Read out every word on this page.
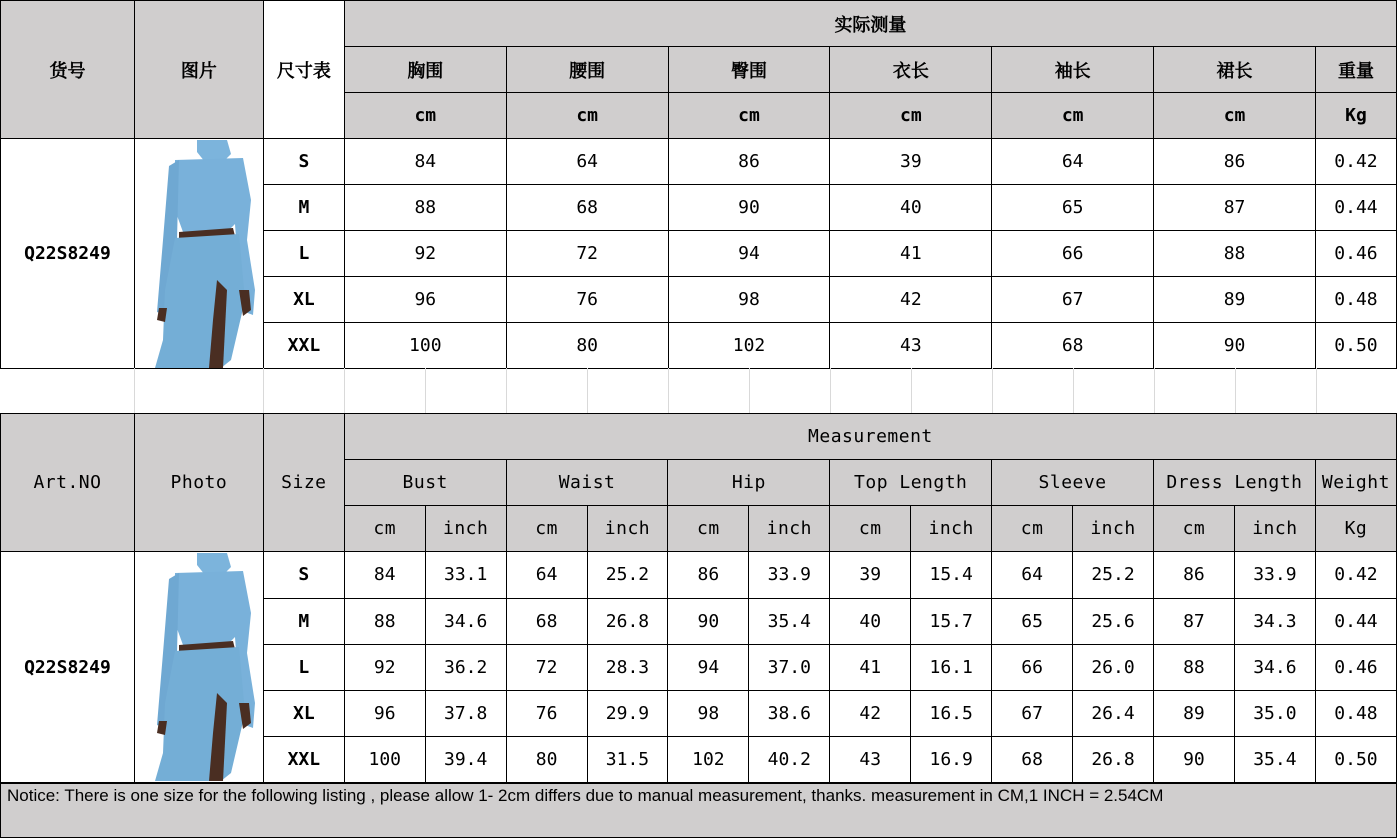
货号	图片	尺寸表	实际测量						
			胸围	腰围	臀围	衣长	袖长	裙长	重量
			cm	cm	cm	cm	cm	cm	Kg
Q22S8249		S	84	64	86	39	64	86	0.42
		M	88	68	90	40	65	87	0.44
		L	92	72	94	41	66	88	0.46
		XL	96	76	98	42	67	89	0.48
		XXL	100	80	102	43	68	90	0.50
Art.NO	Photo	Size	Measurement												
			Bust		Waist		Hip		Top Length		Sleeve		Dress Length		Weight
			cm	inch	cm	inch	cm	inch	cm	inch	cm	inch	cm	inch	Kg
Q22S8249		S	84	33.1	64	25.2	86	33.9	39	15.4	64	25.2	86	33.9	0.42
		M	88	34.6	68	26.8	90	35.4	40	15.7	65	25.6	87	34.3	0.44
		L	92	36.2	72	28.3	94	37.0	41	16.1	66	26.0	88	34.6	0.46
		XL	96	37.8	76	29.9	98	38.6	42	16.5	67	26.4	89	35.0	0.48
		XXL	100	39.4	80	31.5	102	40.2	43	16.9	68	26.8	90	35.4	0.50
Notice: There is one size for the following listing , please allow 1- 2cm differs due to manual measurement, thanks. measurement in CM,1 INCH = 2.54CM
